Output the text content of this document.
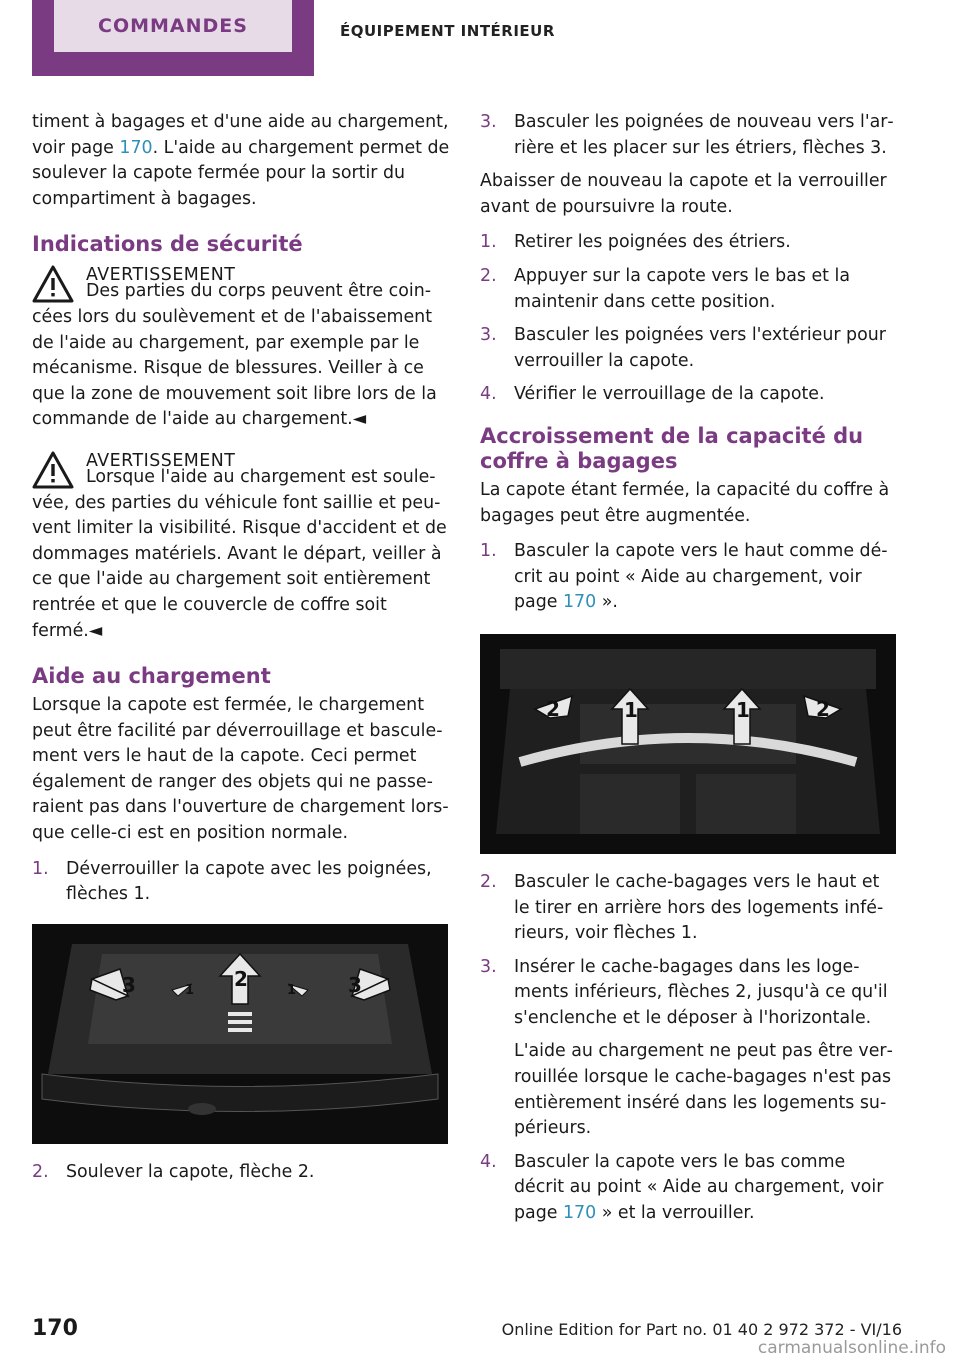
COMMANDES	ÉQUIPEMENT INTÉRIEUR

timent à bagages et d'une aide au chargement, voir page 170. L'aide au chargement permet de soulever la capote fermée pour la sortir du compartiment à bagages.

Indications de sécurité
AVERTISSEMENT
Des parties du corps peuvent être coincées lors du soulèvement et de l'abaissement de l'aide au chargement, par exemple par le mécanisme. Risque de blessures. Veiller à ce que la zone de mouvement soit libre lors de la commande de l'aide au chargement.◄
AVERTISSEMENT
Lorsque l'aide au chargement est soulevée, des parties du véhicule font saillie et peuvent limiter la visibilité. Risque d'accident et de dommages matériels. Avant le départ, veiller à ce que l'aide au chargement soit entièrement rentrée et que le couvercle de coffre soit fermé.◄
Aide au chargement

Lorsque la capote est fermée, le chargement peut être facilité par déverrouillage et basculement vers le haut de la capote. Ceci permet également de ranger des objets qui ne passeraient pas dans l'ouverture de chargement lorsque celle-ci est en position normale.

1.	Déverrouiller la capote avec les poignées, flèches 1.
3	1 2	1	3
2.	Soulever la capote, flèche 2.
3.	Basculer les poignées de nouveau vers l'arrière et les placer sur les étriers, flèches 3.

Abaisser de nouveau la capote et la verrouiller avant de poursuivre la route.

1.	Retirer les poignées des étriers.
2.	Appuyer sur la capote vers le bas et la maintenir dans cette position.
3.	Basculer les poignées vers l'extérieur pour verrouiller la capote.
4.	Vérifier le verrouillage de la capote.
Accroissement de la capacité du coffre à bagages

La capote étant fermée, la capacité du coffre à bagages peut être augmentée.

1.	Basculer la capote vers le haut comme décrit au point « Aide au chargement, voir page 170 ».
2	1	1	2
2.	Basculer le cache-bagages vers le haut et le tirer en arrière hors des logements inférieurs, voir flèches 1.
3.	Insérer le cache-bagages dans les logements inférieurs, flèches 2, jusqu'à ce qu'il s'enclenche et le déposer à l'horizontale.
L'aide au chargement ne peut pas être verrouillée lorsque le cache-bagages n'est pas entièrement inséré dans les logements supérieurs.
4.	Basculer la capote vers le bas comme décrit au point « Aide au chargement, voir page 170 » et la verrouiller.
170	Online Edition for Part no. 01 40 2 972 372 - VI/16
carmanualsonline.info
